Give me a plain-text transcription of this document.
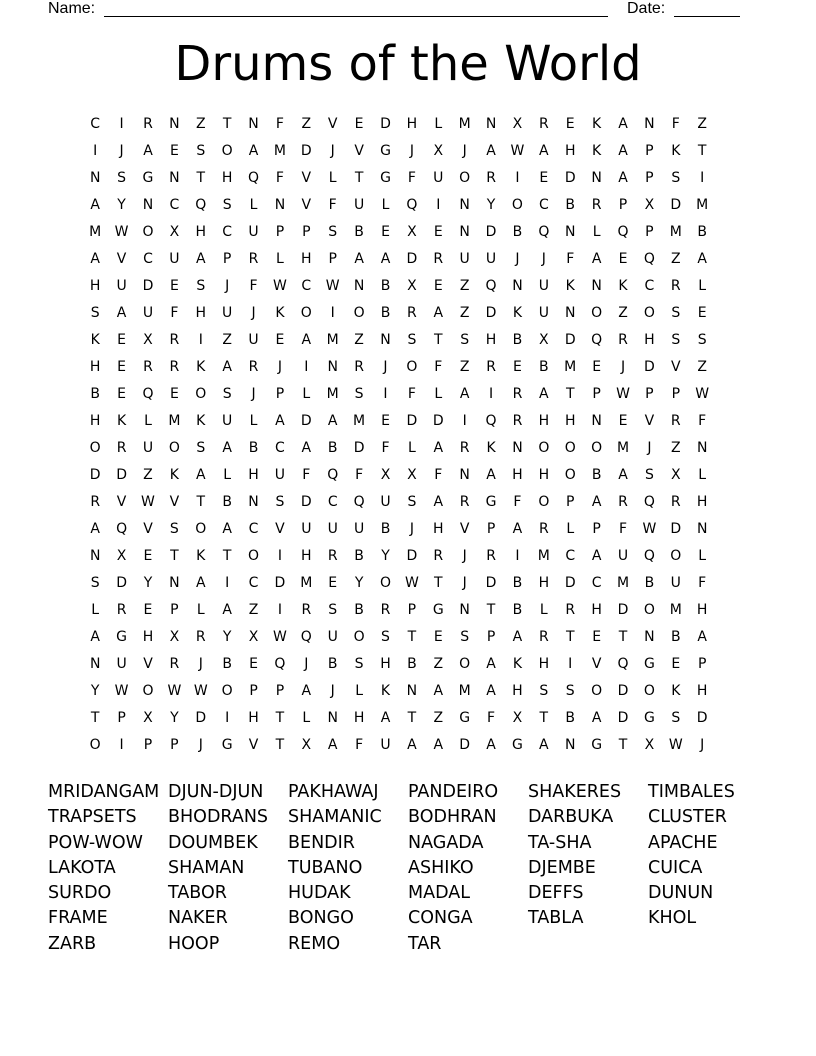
Name:	Date:
Drums of the World
C	I	R	N	Z	T	N	F	Z	V	E	D	H	L	M	N	X	R	E	K	A	N	F	Z
I	J	A	E	S	O	A	M	D	J	V	G	J	X	J	A	W	A	H	K	A	P	K	T
N	S	G	N	T	H	Q	F	V	L	T	G	F	U	O	R	I	E	D	N	A	P	S	I
A	Y	N	C	Q	S	L	N	V	F	U	L	Q	I	N	Y	O	C	B	R	P	X	D	M
M W O	X	H	C	U	P	P	S	B	E	X	E	N	D	B	Q	N	L	Q	P	M	B
A	V	C	U	A	P	R	L	H	P	A	A	D	R	U	U	J	J	F	A	E	Q	Z	A
H	U	D	E	S	J	F	W	C	W	N	B	X	E	Z	Q	N	U	K	N	K	C	R	L
S	A	U	F	H	U	J	K	O	I	O	B	R	A	Z	D	K	U	N	O	Z	O	S	E
K	E	X	R	I	Z	U	E	A	M	Z	N	S	T	S	H	B	X	D	Q	R	H	S	S
H	E	R	R	K	A	R	J	I	N	R	J	O	F	Z	R	E	B	M	E	J	D	V	Z
B	E	Q	E	O	S	J	P	L	M	S	I	F	L	A	I	R	A	T	P	W	P	P	W
H	K	L	M	K	U	L	A	D	A	M	E	D	D	I	Q	R	H	H	N	E	V	R	F
O	R	U	O	S	A	B	C	A	B	D	F	L	A	R	K	N	O	O	O	M	J	Z	N
D	D	Z	K	A	L	H	U	F	Q	F	X	X	F	N	A	H	H	O	B	A	S	X	L
R	V	W	V	T	B	N	S	D	C	Q	U	S	A	R	G	F	O	P	A	R	Q	R	H
A	Q	V	S	O	A	C	V	U	U	U	B	J	H	V	P	A	R	L	P	F	W	D	N
N	X	E	T	K	T	O	I	H	R	B	Y	D	R	J	R	I	M	C	A	U	Q	O	L
S	D	Y	N	A	I	C	D	M	E	Y	O W	T	J	D	B	H	D	C	M	B	U	F
L	R	E	P	L	A	Z	I	R	S	B	R	P	G	N	T	B	L	R	H	D	O	M	H
A	G	H	X	R	Y	X	W Q	U	O	S	T	E	S	P	A	R	T	E	T	N	B	A
N	U	V	R	J	B	E	Q	J	B	S	H	B	Z	O	A	K	H	I	V	Q	G	E	P
Y	W O W W O	P	P	A	J	L	K	N	A	M	A	H	S	S	O	D	O	K	H
T	P	X	Y	D	I	H	T	L	N	H	A	T	Z	G	F	X	T	B	A	D	G	S	D
O	I	P	P	J	G	V	T	X	A	F	U	A	A	D	A	G	A	N	G	T	X	W	J
MRIDANGAM DJUN-DJUN	PAKHAWAJ	PANDEIRO	SHAKERES	TIMBALES
TRAPSETS	BHODRANS	SHAMANIC	BODHRAN	DARBUKA	CLUSTER
POW-WOW	DOUMBEK	BENDIR	NAGADA	TA-SHA	APACHE
LAKOTA	SHAMAN	TUBANO	ASHIKO	DJEMBE	CUICA
SURDO	TABOR	HUDAK	MADAL	DEFFS	DUNUN
FRAME	NAKER	BONGO	CONGA	TABLA	KHOL
ZARB	HOOP	REMO	TAR
